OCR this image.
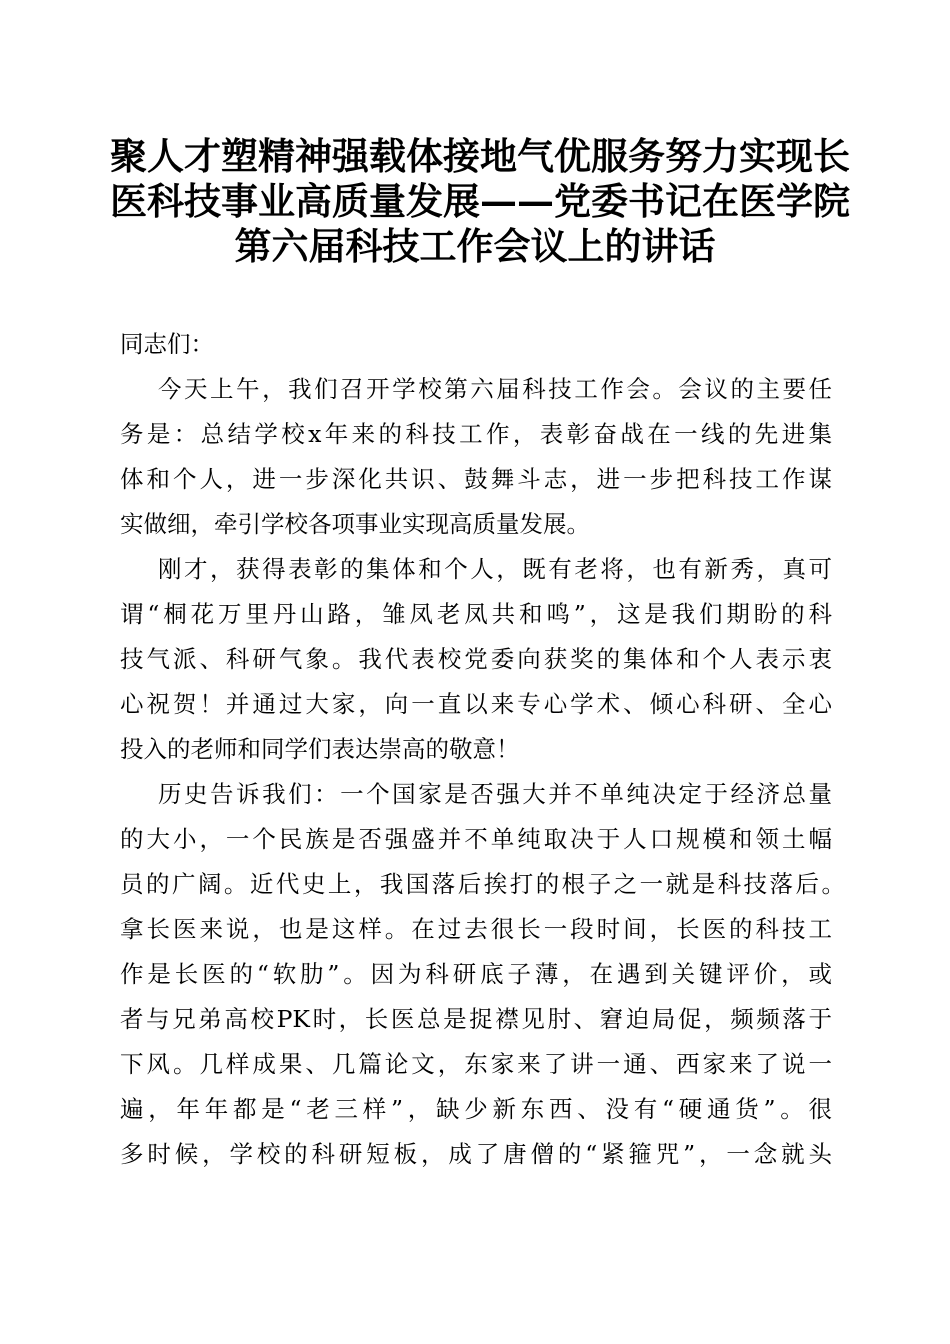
聚人才塑精神强载体接地气优服务努力实现长
医科技事业高质量发展——党委书记在医学院
第六届科技工作会议上的讲话
同志们：
今天上午，我们召开学校第六届科技工作会。会议的主要任
务是：总结学校x年来的科技工作，表彰奋战在一线的先进集
体和个人，进一步深化共识、鼓舞斗志，进一步把科技工作谋
实做细，牵引学校各项事业实现高质量发展。
刚才，获得表彰的集体和个人，既有老将，也有新秀，真可
谓“桐花万里丹山路，雏凤老凤共和鸣”，这是我们期盼的科
技气派、科研气象。我代表校党委向获奖的集体和个人表示衷
心祝贺！并通过大家，向一直以来专心学术、倾心科研、全心
投入的老师和同学们表达崇高的敬意！
历史告诉我们：一个国家是否强大并不单纯决定于经济总量
的大小，一个民族是否强盛并不单纯取决于人口规模和领土幅
员的广阔。近代史上，我国落后挨打的根子之一就是科技落后。
拿长医来说，也是这样。在过去很长一段时间，长医的科技工
作是长医的“软肋”。因为科研底子薄，在遇到关键评价，或
者与兄弟高校PK时，长医总是捉襟见肘、窘迫局促，频频落于
下风。几样成果、几篇论文，东家来了讲一通、西家来了说一
遍，年年都是“老三样”，缺少新东西、没有“硬通货”。很
多时候，学校的科研短板，成了唐僧的“紧箍咒”，一念就头
